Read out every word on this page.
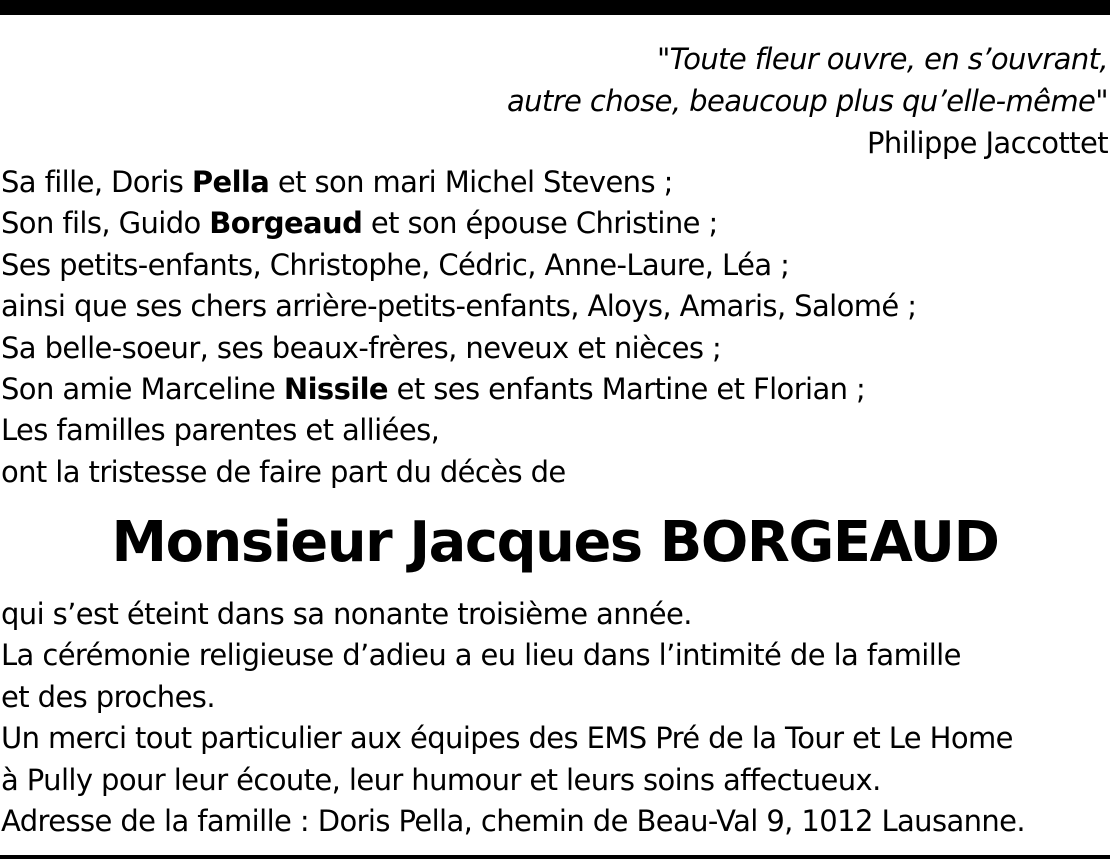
"Toute fleur ouvre, en s’ouvrant,
autre chose, beaucoup plus qu’elle-même"
Philippe Jaccottet
Sa fille, Doris Pella et son mari Michel Stevens ;
Son fils, Guido Borgeaud et son épouse Christine ;
Ses petits-enfants, Christophe, Cédric, Anne-Laure, Léa ;
ainsi que ses chers arrière-petits-enfants, Aloys, Amaris, Salomé ;
Sa belle-soeur, ses beaux-frères, neveux et nièces ;
Son amie Marceline Nissile et ses enfants Martine et Florian ;
Les familles parentes et alliées,
ont la tristesse de faire part du décès de
Monsieur Jacques BORGEAUD
qui s’est éteint dans sa nonante troisième année.
La cérémonie religieuse d’adieu a eu lieu dans l’intimité de la famille
et des proches.
Un merci tout particulier aux équipes des EMS Pré de la Tour et Le Home
à Pully pour leur écoute, leur humour et leurs soins affectueux.
Adresse de la famille : Doris Pella, chemin de Beau-Val 9, 1012 Lausanne.
